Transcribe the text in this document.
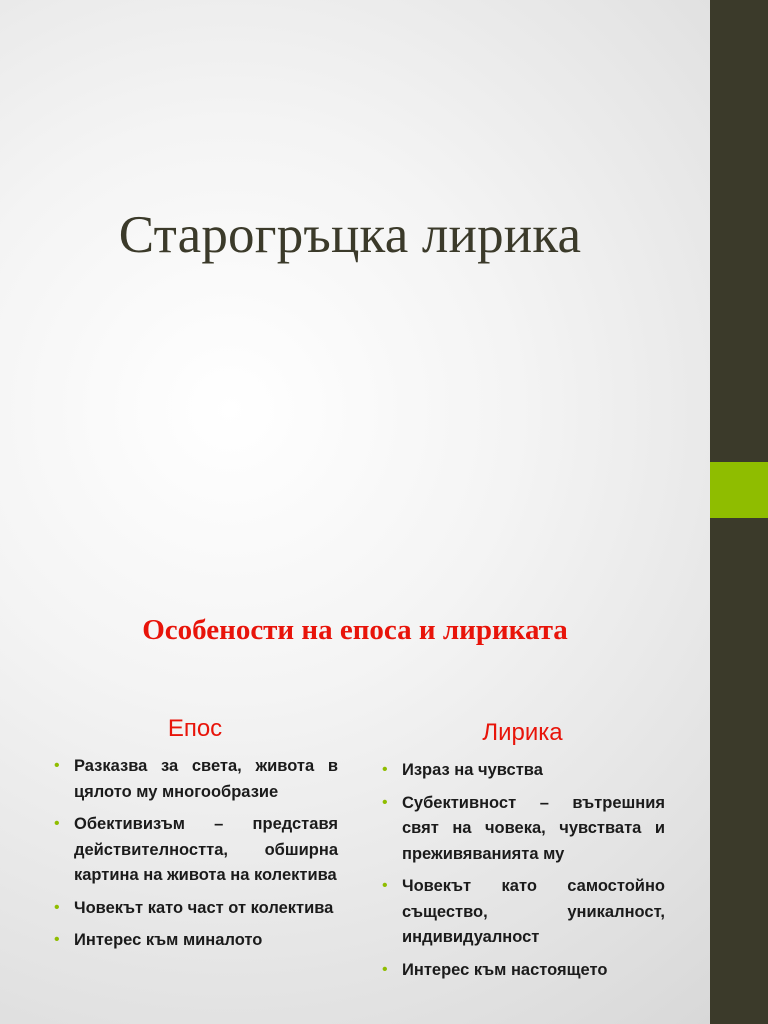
Старогръцка лирика
Особености на епоса и лириката
Епос
• Разказва за света, живота в цялото му многообразие
• Обективизъм – представя действителността, обширна картина на живота на колектива
• Човекът като част от колектива
• Интерес към миналото
Лирика
• Израз на чувства
• Субективност – вътрешния свят на човека, чувствата и преживяванията му
• Човекът като самостойно същество, уникалност, индивидуалност
• Интерес към настоящето
